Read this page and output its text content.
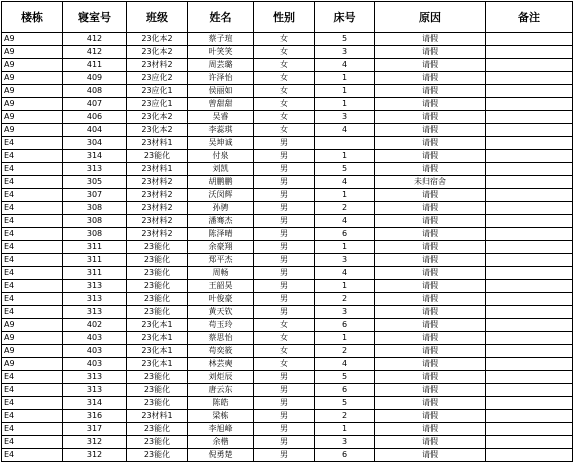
楼栋	寝室号	班级	姓名	性别	床号	原因	备注
A9	412	23化本2	蔡子瑄	女	5	请假	
A9	412	23化本2	叶笑笑	女	3	请假	
A9	411	23材料2	周芸璐	女	4	请假	
A9	409	23应化2	许泽怡	女	1	请假	
A9	408	23应化1	侯丽如	女	1	请假	
A9	407	23应化1	曾甜甜	女	1	请假	
A9	406	23化本2	吴睿	女	3	请假	
A9	404	23化本2	李蕊琪	女	4	请假	
E4	304	23材料1	吴坤诚	男		请假	
E4	314	23能化	付泉	男	1	请假	
E4	313	23材料1	刘凯	男	5	请假	
E4	305	23材料2	胡鹏鹏	男	4	未归宿舍	
E4	307	23材料2	沃闵辉	男	1	请假	
E4	308	23材料2	孙骋	男	2	请假	
E4	308	23材料2	潘骞杰	男	4	请假	
E4	308	23材料2	陈泽晴	男	6	请假	
E4	311	23能化	余豪翔	男	1	请假	
E4	311	23能化	郑平杰	男	3	请假	
E4	311	23能化	周畅	男	4	请假	
E4	313	23能化	王韶昊	男	1	请假	
E4	313	23能化	叶俊豪	男	2	请假	
E4	313	23能化	黄天钦	男	3	请假	
A9	402	23化本1	苟玉玲	女	6	请假	
A9	403	23化本1	蔡思怡	女	1	请假	
A9	403	23化本1	苟奕筱	女	2	请假	
A9	403	23化本1	林芸奭	女	4	请假	
E4	313	23能化	刘炬辰	男	5	请假	
E4	313	23能化	唐云东	男	6	请假	
E4	314	23能化	陈皓	男	5	请假	
E4	316	23材料1	梁栋	男	2	请假	
E4	317	23能化	李旭峰	男	1	请假	
E4	312	23能化	余楷	男	3	请假	
E4	312	23能化	倪勇楚	男	6	请假	
